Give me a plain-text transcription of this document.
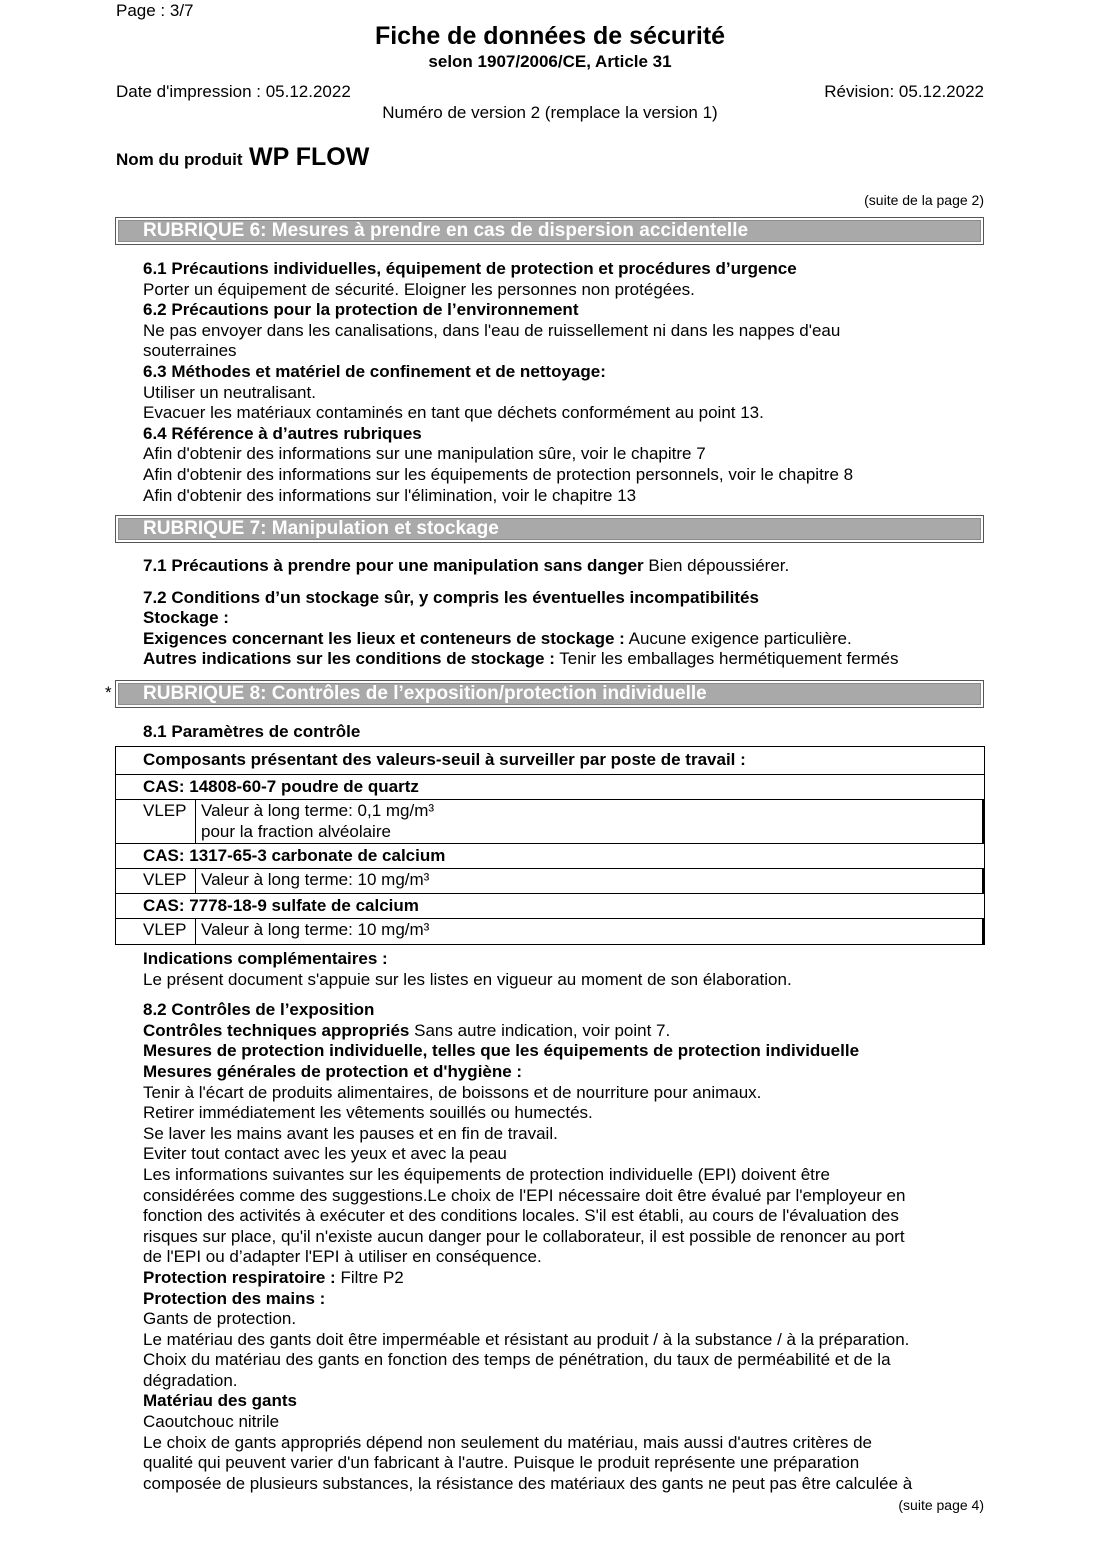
Page : 3/7
Fiche de données de sécurité
selon 1907/2006/CE, Article 31
Date d'impression : 05.12.2022	Révision: 05.12.2022
Numéro de version 2 (remplace la version 1)
Nom du produit WP FLOW
(suite de la page 2)
RUBRIQUE 6: Mesures à prendre en cas de dispersion accidentelle
RUBRIQUE 7: Manipulation et stockage
* RUBRIQUE 8: Contrôles de l’exposition/protection individuelle
6.1 Précautions individuelles, équipement de protection et procédures d’urgence
Porter un équipement de sécurité. Eloigner les personnes non protégées.
6.2 Précautions pour la protection de l’environnement
Ne pas envoyer dans les canalisations, dans l'eau de ruissellement ni dans les nappes d'eau
souterraines
6.3 Méthodes et matériel de confinement et de nettoyage:
Utiliser un neutralisant.
Evacuer les matériaux contaminés en tant que déchets conformément au point 13.
6.4 Référence à d’autres rubriques
Afin d'obtenir des informations sur une manipulation sûre, voir le chapitre 7
Afin d'obtenir des informations sur les équipements de protection personnels, voir le chapitre 8
Afin d'obtenir des informations sur l'élimination, voir le chapitre 13
7.1 Précautions à prendre pour une manipulation sans danger Bien dépoussiérer.
7.2 Conditions d’un stockage sûr, y compris les éventuelles incompatibilités
Stockage :
Exigences concernant les lieux et conteneurs de stockage : Aucune exigence particulière.
Autres indications sur les conditions de stockage : Tenir les emballages hermétiquement fermés
8.1 Paramètres de contrôle
Composants présentant des valeurs-seuil à surveiller par poste de travail :
CAS: 14808-60-7 poudre de quartz
VLEP Valeur à long terme: 0,1 mg/m³
pour la fraction alvéolaire
CAS: 1317-65-3 carbonate de calcium
VLEP Valeur à long terme: 10 mg/m³
CAS: 7778-18-9 sulfate de calcium
VLEP Valeur à long terme: 10 mg/m³
Indications complémentaires :
Le présent document s'appuie sur les listes en vigueur au moment de son élaboration.
8.2 Contrôles de l’exposition
Contrôles techniques appropriés Sans autre indication, voir point 7.
Mesures de protection individuelle, telles que les équipements de protection individuelle
Mesures générales de protection et d'hygiène :
Tenir à l'écart de produits alimentaires, de boissons et de nourriture pour animaux.
Retirer immédiatement les vêtements souillés ou humectés.
Se laver les mains avant les pauses et en fin de travail.
Eviter tout contact avec les yeux et avec la peau
Les informations suivantes sur les équipements de protection individuelle (EPI) doivent être
considérées comme des suggestions.Le choix de l'EPI nécessaire doit être évalué par l'employeur en
fonction des activités à exécuter et des conditions locales. S'il est établi, au cours de l'évaluation des
risques sur place, qu'il n'existe aucun danger pour le collaborateur, il est possible de renoncer au port
de l'EPI ou d’adapter l'EPI à utiliser en conséquence.
Protection respiratoire : Filtre P2
Protection des mains :
Gants de protection.
Le matériau des gants doit être imperméable et résistant au produit / à la substance / à la préparation.
Choix du matériau des gants en fonction des temps de pénétration, du taux de perméabilité et de la
dégradation.
Matériau des gants
Caoutchouc nitrile
Le choix de gants appropriés dépend non seulement du matériau, mais aussi d'autres critères de
qualité qui peuvent varier d'un fabricant à l'autre. Puisque le produit représente une préparation
composée de plusieurs substances, la résistance des matériaux des gants ne peut pas être calculée à
(suite page 4)
